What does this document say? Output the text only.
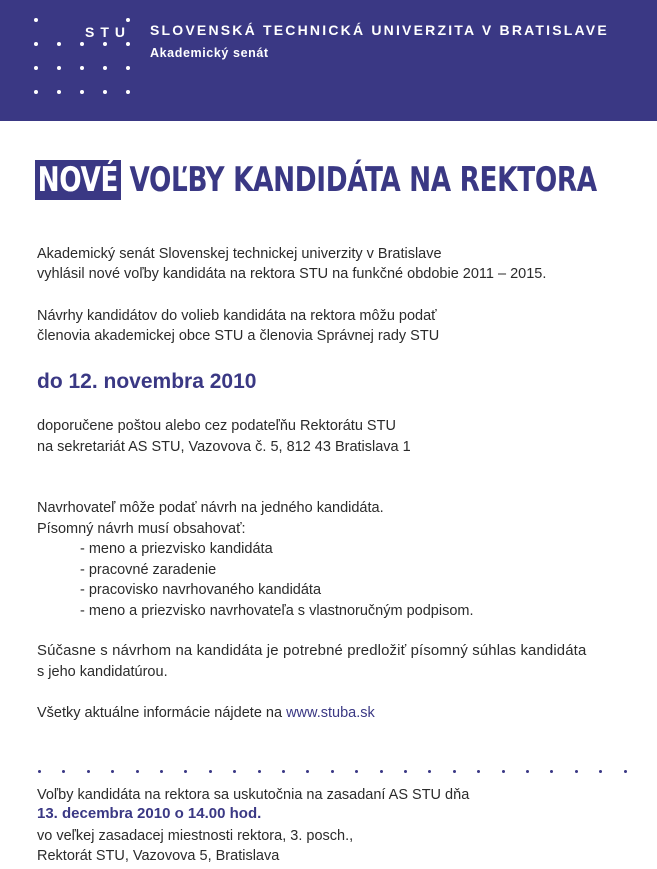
STU SLOVENSKÁ TECHNICKÁ UNIVERZITA V BRATISLAVE
Akademický senát
NOVÉ VOĽBY KANDIDÁTA NA REKTORA
Akademický senát Slovenskej technickej univerzity v Bratislave
vyhlásil nové voľby kandidáta na rektora STU na funkčné obdobie 2011 – 2015.
Návrhy kandidátov do volieb kandidáta na rektora môžu podať
členovia akademickej obce STU a členovia Správnej rady STU
do 12. novembra 2010
doporučene poštou alebo cez podateľňu Rektorátu STU
na sekretariát AS STU, Vazovova č. 5, 812 43 Bratislava 1
Navrhovateľ môže podať návrh na jedného kandidáta.
Písomný návrh musí obsahovať:
- meno a priezvisko kandidáta
- pracovné zaradenie
- pracovisko navrhovaného kandidáta
- meno a priezvisko navrhovateľa s vlastnoručným podpisom.
Súčasne s návrhom na kandidáta je potrebné predložiť písomný súhlas kandidáta
s jeho kandidatúrou.
Všetky aktuálne informácie nájdete na www.stuba.sk
Voľby kandidáta na rektora sa uskutočnia na zasadaní AS STU dňa
13. decembra 2010 o 14.00 hod.
vo veľkej zasadacej miestnosti rektora, 3. posch.,
Rektorát STU, Vazovova 5, Bratislava
